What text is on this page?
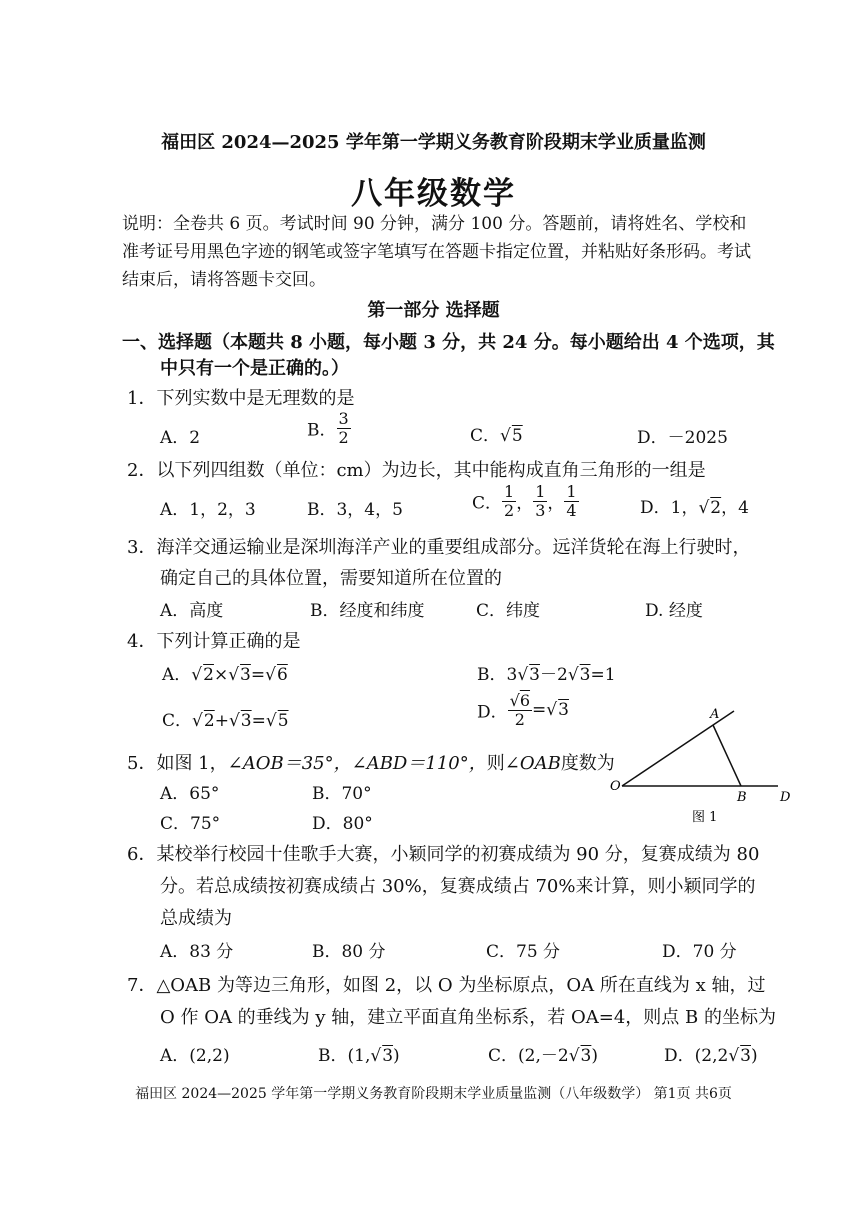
福田区 2024—2025 学年第一学期义务教育阶段期末学业质量监测
八年级数学
说明：全卷共 6 页。考试时间 90 分钟，满分 100 分。答题前，请将姓名、学校和准考证号用黑色字迹的钢笔或签字笔填写在答题卡指定位置，并粘贴好条形码。考试结束后，请将答题卡交回。
第一部分 选择题
一、选择题（本题共 8 小题，每小题 3 分，共 24 分。每小题给出 4 个选项，其
中只有一个是正确的。）
1．下列实数中是无理数的是
A．2	B． $\frac{3}{2}$	C．√5	D．－2025
2．以下列四组数（单位：cm）为边长，其中能构成直角三角形的一组是
A．1，2，3	B．3，4，5	C． $\frac{1}{2}$ ， $\frac{1}{3}$ ， $\frac{1}{4}$	D．1，√2，4
3．海洋交通运输业是深圳海洋产业的重要组成部分。远洋货轮在海上行驶时，
确定自己的具体位置，需要知道所在位置的
A．高度	B．经度和纬度	C．纬度	D. 经度
4．下列计算正确的是
A．√2×√3=√6	B．3√3－2√3=1
C．√2+√3=√5	D． $\frac{√6}{2} =√3$
5．如图 1，∠AOB＝35°，∠ABD＝110°，则∠OAB度数为
A．65°	B．70°
C．75°	D．80°
A
O
B	D
图 1
6．某校举行校园十佳歌手大赛，小颖同学的初赛成绩为 90 分，复赛成绩为 80
分。若总成绩按初赛成绩占 30%，复赛成绩占 70%来计算，则小颖同学的
总成绩为
A．83 分	B．80 分	C．75 分	D．70 分
7．△OAB 为等边三角形，如图 2，以 O 为坐标原点，OA 所在直线为 x 轴，过
O 作 OA 的垂线为 y 轴，建立平面直角坐标系，若 OA=4，则点 B 的坐标为
A．(2,2)	B．(1,√3)	C．(2,－2√3)	D．(2,2√3)
福田区 2024—2025 学年第一学期义务教育阶段期末学业质量监测（八年级数学） 第1页 共6页
